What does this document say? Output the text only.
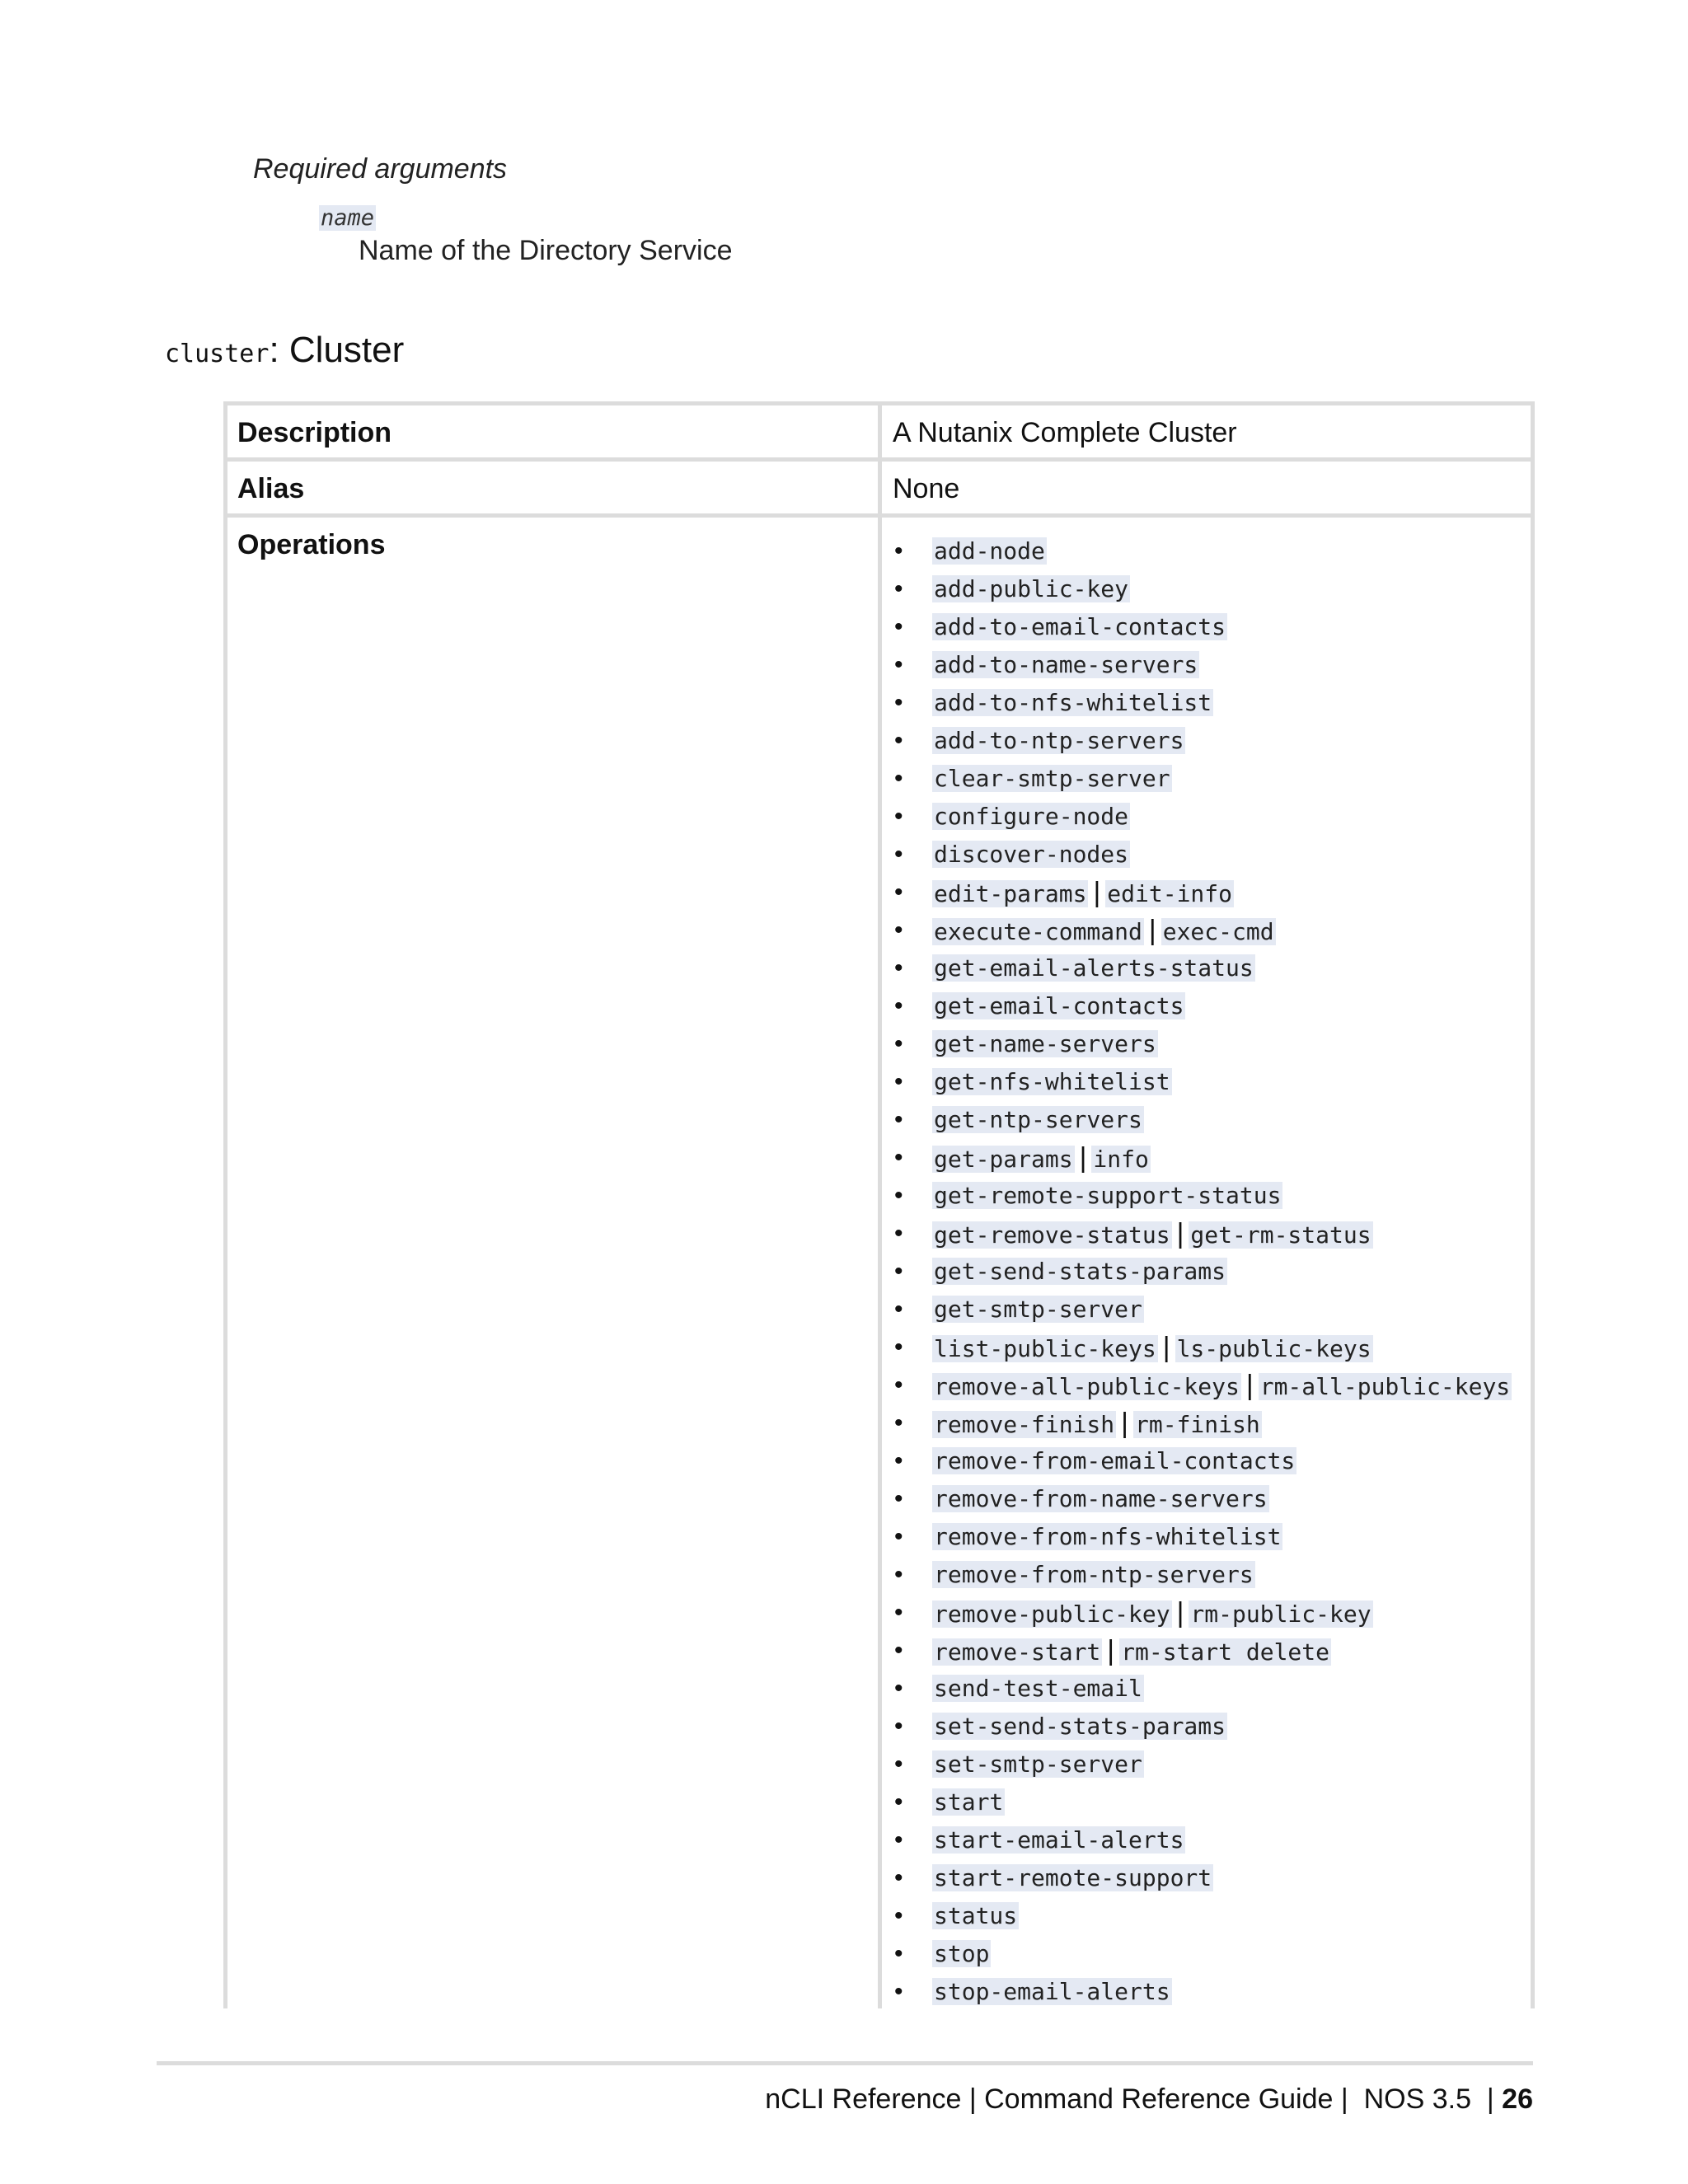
Required arguments
name
Name of the Directory Service
cluster: Cluster
Description	A Nutanix Complete Cluster
Alias	None
Operations	• add-node
• add-public-key
• add-to-email-contacts
• add-to-name-servers
• add-to-nfs-whitelist
• add-to-ntp-servers
• clear-smtp-server
• configure-node
• discover-nodes
• edit-params | edit-info
• execute-command | exec-cmd
• get-email-alerts-status
• get-email-contacts
• get-name-servers
• get-nfs-whitelist
• get-ntp-servers
• get-params | info
• get-remote-support-status
• get-remove-status | get-rm-status
• get-send-stats-params
• get-smtp-server
• list-public-keys | ls-public-keys
• remove-all-public-keys | rm-all-public-keys
• remove-finish | rm-finish
• remove-from-email-contacts
• remove-from-name-servers
• remove-from-nfs-whitelist
• remove-from-ntp-servers
• remove-public-key | rm-public-key
• remove-start | rm-start delete
• send-test-email
• set-send-stats-params
• set-smtp-server
• start
• start-email-alerts
• start-remote-support
• status
• stop
• stop-email-alerts
nCLI Reference | Command Reference Guide |  NOS 3.5  | 26
